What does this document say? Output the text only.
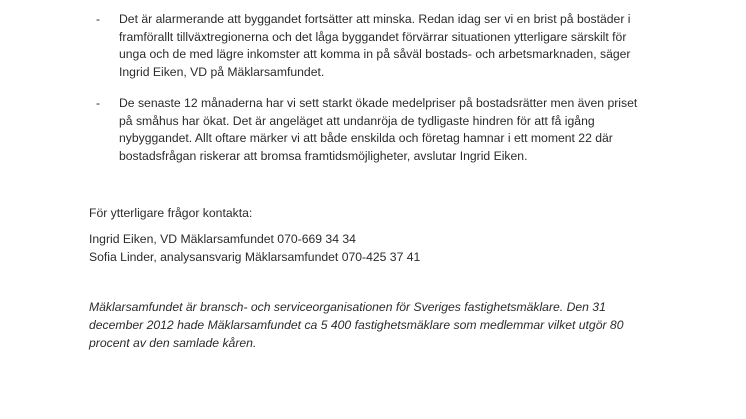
-	Det är alarmerande att byggandet fortsätter att minska. Redan idag ser vi en brist på bostäder i
framförallt tillväxtregionerna och det låga byggandet förvärrar situationen ytterligare särskilt för
unga och de med lägre inkomster att komma in på såväl bostads- och arbetsmarknaden, säger
Ingrid Eiken, VD på Mäklarsamfundet.
-	De senaste 12 månaderna har vi sett starkt ökade medelpriser på bostadsrätter men även priset
på småhus har ökat. Det är angeläget att undanröja de tydligaste hindren för att få igång
nybyggandet. Allt oftare märker vi att både enskilda och företag hamnar i ett moment 22 där
bostadsfrågan riskerar att bromsa framtidsmöjligheter, avslutar Ingrid Eiken.
För ytterligare frågor kontakta:
Ingrid Eiken, VD Mäklarsamfundet 070-669 34 34
Sofia Linder, analysansvarig Mäklarsamfundet 070-425 37 41
Mäklarsamfundet är bransch- och serviceorganisationen för Sveriges fastighetsmäklare. Den 31
december 2012 hade Mäklarsamfundet ca 5 400 fastighetsmäklare som medlemmar vilket utgör 80
procent av den samlade kåren.
